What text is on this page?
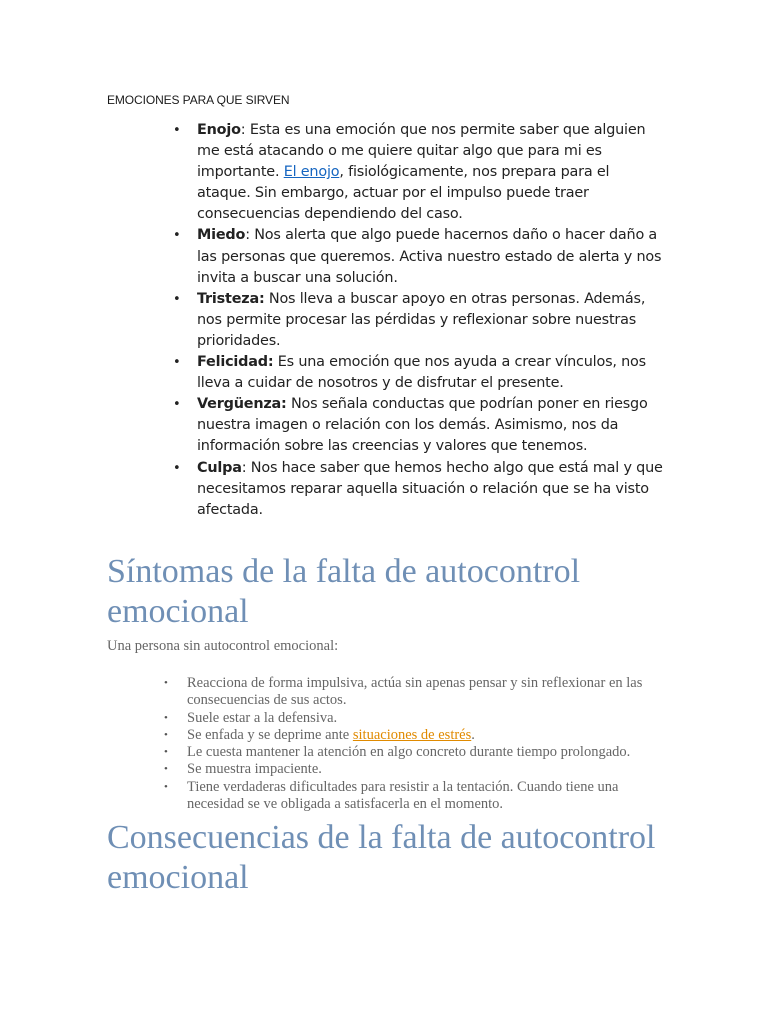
EMOCIONES PARA QUE SIRVEN
• Enojo: Esta es una emoción que nos permite saber que alguien me está atacando o me quiere quitar algo que para mi es importante. El enojo, fisiológicamente, nos prepara para el ataque. Sin embargo, actuar por el impulso puede traer consecuencias dependiendo del caso.
• Miedo: Nos alerta que algo puede hacernos daño o hacer daño a las personas que queremos. Activa nuestro estado de alerta y nos invita a buscar una solución.
• Tristeza: Nos lleva a buscar apoyo en otras personas. Además, nos permite procesar las pérdidas y reflexionar sobre nuestras prioridades.
• Felicidad: Es una emoción que nos ayuda a crear vínculos, nos lleva a cuidar de nosotros y de disfrutar el presente.
• Vergüenza: Nos señala conductas que podrían poner en riesgo nuestra imagen o relación con los demás. Asimismo, nos da información sobre las creencias y valores que tenemos.
• Culpa: Nos hace saber que hemos hecho algo que está mal y que necesitamos reparar aquella situación o relación que se ha visto afectada.
Síntomas de la falta de autocontrol emocional
Una persona sin autocontrol emocional:
• Reacciona de forma impulsiva, actúa sin apenas pensar y sin reflexionar en las consecuencias de sus actos.
• Suele estar a la defensiva.
• Se enfada y se deprime ante situaciones de estrés.
• Le cuesta mantener la atención en algo concreto durante tiempo prolongado.
• Se muestra impaciente.
• Tiene verdaderas dificultades para resistir a la tentación. Cuando tiene una necesidad se ve obligada a satisfacerla en el momento.
Consecuencias de la falta de autocontrol emocional
